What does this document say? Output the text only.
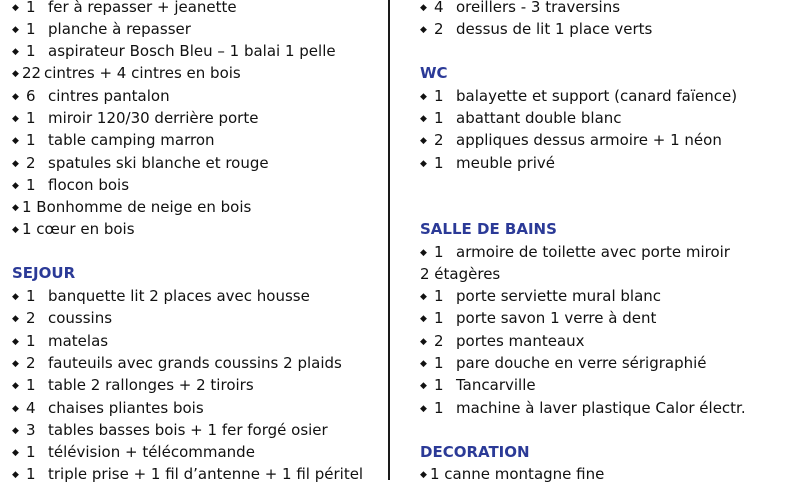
◆ 1 fer à repasser + jeanette
◆ 1 planche à repasser
◆ 1 aspirateur Bosch Bleu – 1 balai 1 pelle
◆ 22 cintres + 4 cintres en bois
◆ 6 cintres pantalon
◆ 1 miroir 120/30 derrière porte
◆ 1 table camping marron
◆ 2 spatules ski blanche et rouge
◆ 1 flocon bois
◆ 1 Bonhomme de neige en bois
◆ 1 cœur en bois
SEJOUR
◆ 1 banquette lit 2 places avec housse
◆ 2 coussins
◆ 1 matelas
◆ 2 fauteuils avec grands coussins 2 plaids
◆ 1 table 2 rallonges + 2 tiroirs
◆ 4 chaises pliantes bois
◆ 3 tables basses bois + 1 fer forgé osier
◆ 1 télévision + télécommande
◆ 1 triple prise + 1 fil d’antenne + 1 fil péritel
◆ 4 oreillers - 3 traversins
◆ 2 dessus de lit 1 place verts
WC
◆ 1 balayette et support (canard faïence)
◆ 1 abattant double blanc
◆ 2 appliques dessus armoire + 1 néon
◆ 1 meuble privé
SALLE DE BAINS
◆ 1 armoire de toilette avec porte miroir
2 étagères
◆ 1 porte serviette mural blanc
◆ 1 porte savon 1 verre à dent
◆ 2 portes manteaux
◆ 1 pare douche en verre sérigraphié
◆ 1 Tancarville
◆ 1 machine à laver plastique Calor électr.
DECORATION
◆ 1 canne montagne fine
